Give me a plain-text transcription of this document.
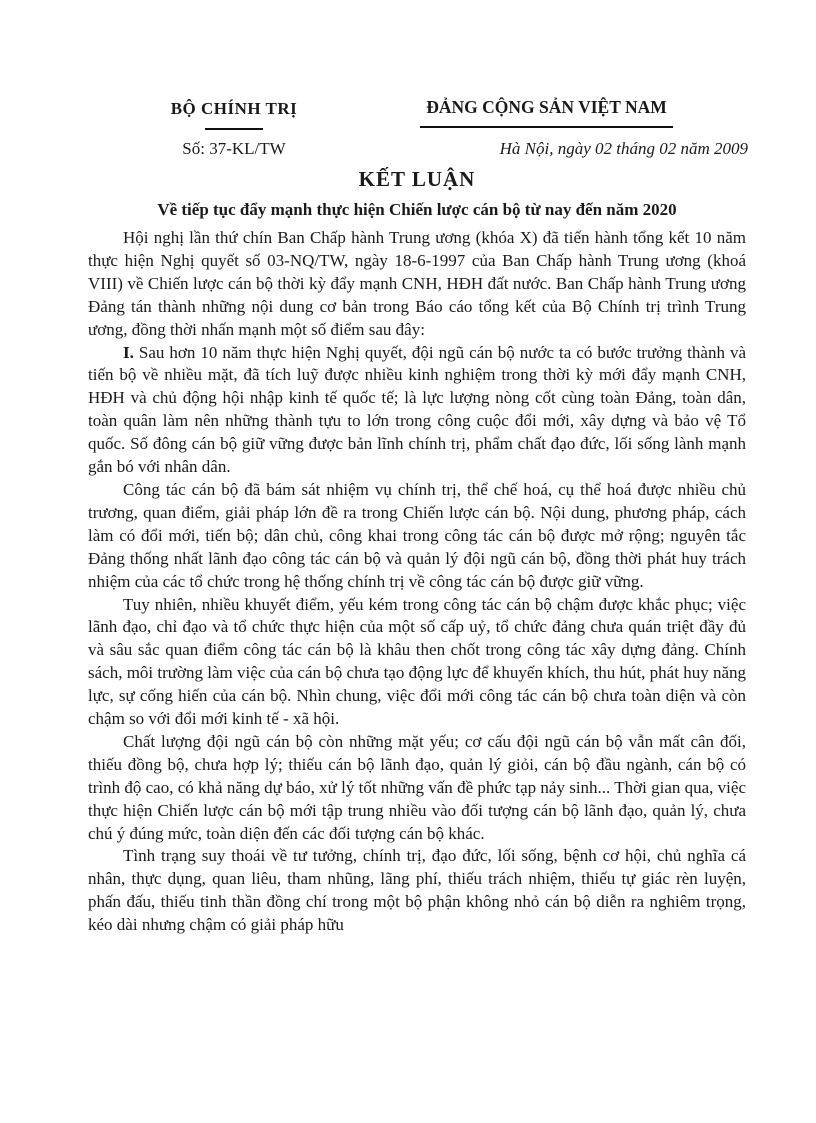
BỘ CHÍNH TRỊ
Số: 37-KL/TW
ĐẢNG CỘNG SẢN VIỆT NAM
Hà Nội, ngày 02 tháng 02 năm 2009
KẾT LUẬN
Về tiếp tục đẩy mạnh thực hiện Chiến lược cán bộ từ nay đến năm 2020

Hội nghị lần thứ chín Ban Chấp hành Trung ương (khóa X) đã tiến hành tổng kết 10 năm thực hiện Nghị quyết số 03-NQ/TW, ngày 18-6-1997 của Ban Chấp hành Trung ương (khoá VIII) về Chiến lược cán bộ thời kỳ đẩy mạnh CNH, HĐH đất nước. Ban Chấp hành Trung ương Đảng tán thành những nội dung cơ bản trong Báo cáo tổng kết của Bộ Chính trị trình Trung ương, đồng thời nhấn mạnh một số điểm sau đây:

I. Sau hơn 10 năm thực hiện Nghị quyết, đội ngũ cán bộ nước ta có bước trưởng thành và tiến bộ về nhiều mặt, đã tích luỹ được nhiều kinh nghiệm trong thời kỳ mới đẩy mạnh CNH, HĐH và chủ động hội nhập kinh tế quốc tế; là lực lượng nòng cốt cùng toàn Đảng, toàn dân, toàn quân làm nên những thành tựu to lớn trong công cuộc đổi mới, xây dựng và bảo vệ Tổ quốc. Số đông cán bộ giữ vững được bản lĩnh chính trị, phẩm chất đạo đức, lối sống lành mạnh gắn bó với nhân dân.

Công tác cán bộ đã bám sát nhiệm vụ chính trị, thể chế hoá, cụ thể hoá được nhiều chủ trương, quan điểm, giải pháp lớn đề ra trong Chiến lược cán bộ. Nội dung, phương pháp, cách làm có đổi mới, tiến bộ; dân chủ, công khai trong công tác cán bộ được mở rộng; nguyên tắc Đảng thống nhất lãnh đạo công tác cán bộ và quản lý đội ngũ cán bộ, đồng thời phát huy trách nhiệm của các tổ chức trong hệ thống chính trị về công tác cán bộ được giữ vững.

Tuy nhiên, nhiều khuyết điểm, yếu kém trong công tác cán bộ chậm được khắc phục; việc lãnh đạo, chỉ đạo và tổ chức thực hiện của một số cấp uỷ, tổ chức đảng chưa quán triệt đầy đủ và sâu sắc quan điểm công tác cán bộ là khâu then chốt trong công tác xây dựng đảng. Chính sách, môi trường làm việc của cán bộ chưa tạo động lực để khuyến khích, thu hút, phát huy năng lực, sự cống hiến của cán bộ. Nhìn chung, việc đổi mới công tác cán bộ chưa toàn diện và còn chậm so với đổi mới kinh tế - xã hội.

Chất lượng đội ngũ cán bộ còn những mặt yếu; cơ cấu đội ngũ cán bộ vẫn mất cân đối, thiếu đồng bộ, chưa hợp lý; thiếu cán bộ lãnh đạo, quản lý giỏi, cán bộ đầu ngành, cán bộ có trình độ cao, có khả năng dự báo, xử lý tốt những vấn đề phức tạp nảy sinh... Thời gian qua, việc thực hiện Chiến lược cán bộ mới tập trung nhiều vào đối tượng cán bộ lãnh đạo, quản lý, chưa chú ý đúng mức, toàn diện đến các đối tượng cán bộ khác.

Tình trạng suy thoái về tư tưởng, chính trị, đạo đức, lối sống, bệnh cơ hội, chủ nghĩa cá nhân, thực dụng, quan liêu, tham nhũng, lãng phí, thiếu trách nhiệm, thiếu tự giác rèn luyện, phấn đấu, thiếu tinh thần đồng chí trong một bộ phận không nhỏ cán bộ diễn ra nghiêm trọng, kéo dài nhưng chậm có giải pháp hữu
